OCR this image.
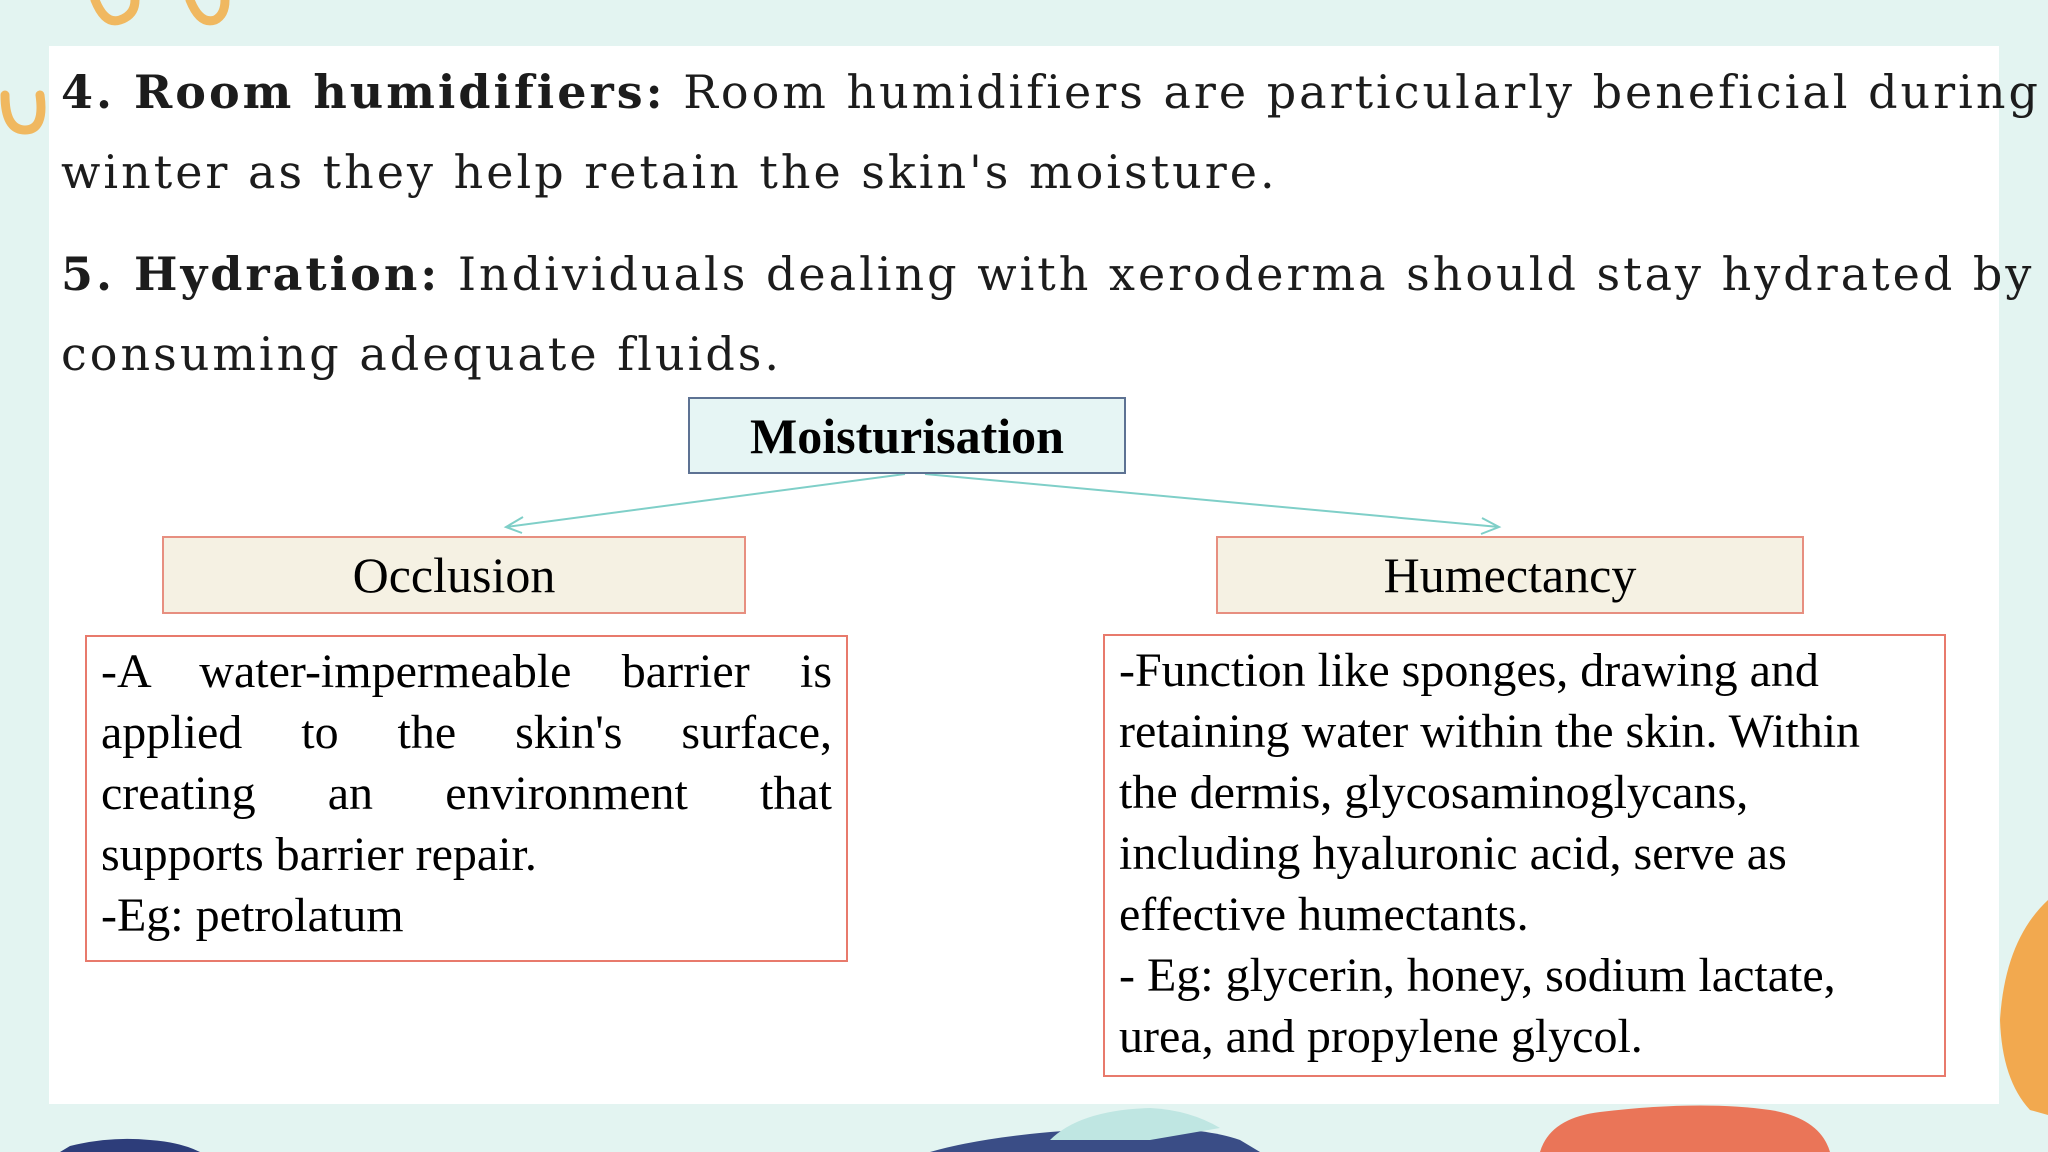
4. Room humidifiers: Room humidifiers are particularly beneficial during
winter as they help retain the skin's moisture.

5. Hydration: Individuals dealing with xeroderma should stay hydrated by
consuming adequate fluids.

Moisturisation
Occlusion	Humectancy
-A water-impermeable barrier is
applied to the skin's surface,
creating an environment that
supports barrier repair.
-Eg: petrolatum
-Function like sponges, drawing and
retaining water within the skin. Within
the dermis, glycosaminoglycans,
including hyaluronic acid, serve as
effective humectants.
- Eg: glycerin, honey, sodium lactate,
urea, and propylene glycol.
